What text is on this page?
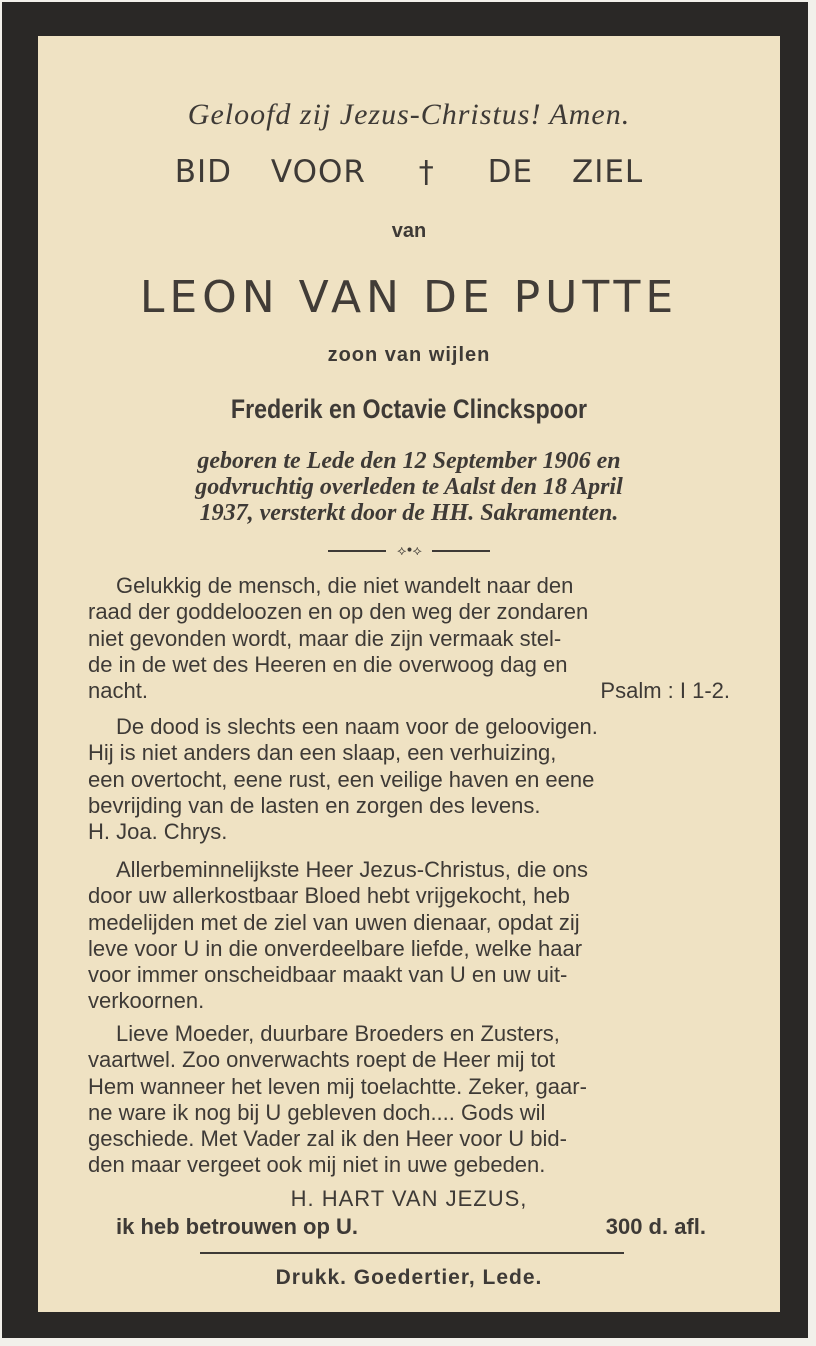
Geloofd zij Jezus-Christus! Amen.
BID VOOR † DE ZIEL
van
LEON VAN DE PUTTE
zoon van wijlen
Frederik en Octavie Clinckspoor
geboren te Lede den 12 September 1906 en
godvruchtig overleden te Aalst den 18 April
1937, versterkt door de HH. Sakramenten.
⟡•⟡

Gelukkig de mensch, die niet wandelt naar den

raad der goddeloozen en op den weg der zondaren

niet gevonden wordt, maar die zijn vermaak stel-

de in de wet des Heeren en die overwoog dag en

nacht.	Psalm : I 1-2.

De dood is slechts een naam voor de geloovigen.

Hij is niet anders dan een slaap, een verhuizing,

een overtocht, eene rust, een veilige haven en eene

bevrijding van de lasten en zorgen des levens.

H. Joa. Chrys.

Allerbeminnelijkste Heer Jezus-Christus, die ons

door uw allerkostbaar Bloed hebt vrijgekocht, heb

medelijden met de ziel van uwen dienaar, opdat zij

leve voor U in die onverdeelbare liefde, welke haar

voor immer onscheidbaar maakt van U en uw uit-

verkoornen.

Lieve Moeder, duurbare Broeders en Zusters,

vaartwel. Zoo onverwachts roept de Heer mij tot

Hem wanneer het leven mij toelachtte. Zeker, gaar-

ne ware ik nog bij U gebleven doch.... Gods wil

geschiede. Met Vader zal ik den Heer voor U bid-

den maar vergeet ook mij niet in uwe gebeden.

H. HART VAN JEZUS,
ik heb betrouwen op U.	300 d. afl.
Drukk. Goedertier, Lede.
